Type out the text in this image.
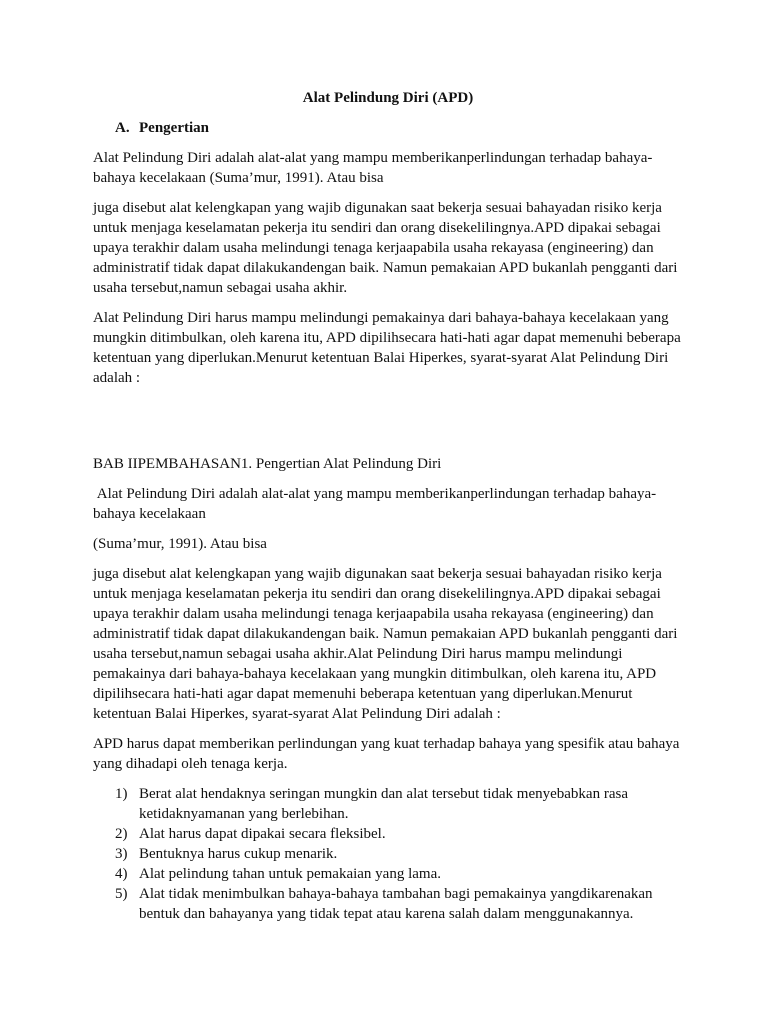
Alat Pelindung Diri (APD)
A. Pengertian

Alat Pelindung Diri adalah alat-alat yang mampu memberikanperlindungan terhadap bahaya-bahaya kecelakaan (Suma’mur, 1991). Atau bisa

juga disebut alat kelengkapan yang wajib digunakan saat bekerja sesuai bahayadan risiko kerja untuk menjaga keselamatan pekerja itu sendiri dan orang disekelilingnya.APD dipakai sebagai upaya terakhir dalam usaha melindungi tenaga kerjaapabila usaha rekayasa (engineering) dan administratif tidak dapat dilakukandengan baik. Namun pemakaian APD bukanlah pengganti dari usaha tersebut,namun sebagai usaha akhir.

Alat Pelindung Diri harus mampu melindungi pemakainya dari bahaya-bahaya kecelakaan yang mungkin ditimbulkan, oleh karena itu, APD dipilihsecara hati-hati agar dapat memenuhi beberapa ketentuan yang diperlukan.Menurut ketentuan Balai Hiperkes, syarat-syarat Alat Pelindung Diri adalah :

BAB IIPEMBAHASAN1. Pengertian Alat Pelindung Diri

Alat Pelindung Diri adalah alat-alat yang mampu memberikanperlindungan terhadap bahaya-bahaya kecelakaan

(Suma’mur, 1991). Atau bisa

juga disebut alat kelengkapan yang wajib digunakan saat bekerja sesuai bahayadan risiko kerja untuk menjaga keselamatan pekerja itu sendiri dan orang disekelilingnya.APD dipakai sebagai upaya terakhir dalam usaha melindungi tenaga kerjaapabila usaha rekayasa (engineering) dan administratif tidak dapat dilakukandengan baik. Namun pemakaian APD bukanlah pengganti dari usaha tersebut,namun sebagai usaha akhir.Alat Pelindung Diri harus mampu melindungi pemakainya dari bahaya-bahaya kecelakaan yang mungkin ditimbulkan, oleh karena itu, APD dipilihsecara hati-hati agar dapat memenuhi beberapa ketentuan yang diperlukan.Menurut ketentuan Balai Hiperkes, syarat-syarat Alat Pelindung Diri adalah :

APD harus dapat memberikan perlindungan yang kuat terhadap bahaya yang spesifik atau bahaya yang dihadapi oleh tenaga kerja.

1) Berat alat hendaknya seringan mungkin dan alat tersebut tidak menyebabkan rasa ketidaknyamanan yang berlebihan.
2) Alat harus dapat dipakai secara fleksibel.
3) Bentuknya harus cukup menarik.
4) Alat pelindung tahan untuk pemakaian yang lama.
5) Alat tidak menimbulkan bahaya-bahaya tambahan bagi pemakainya yangdikarenakan bentuk dan bahayanya yang tidak tepat atau karena salah dalam menggunakannya.
